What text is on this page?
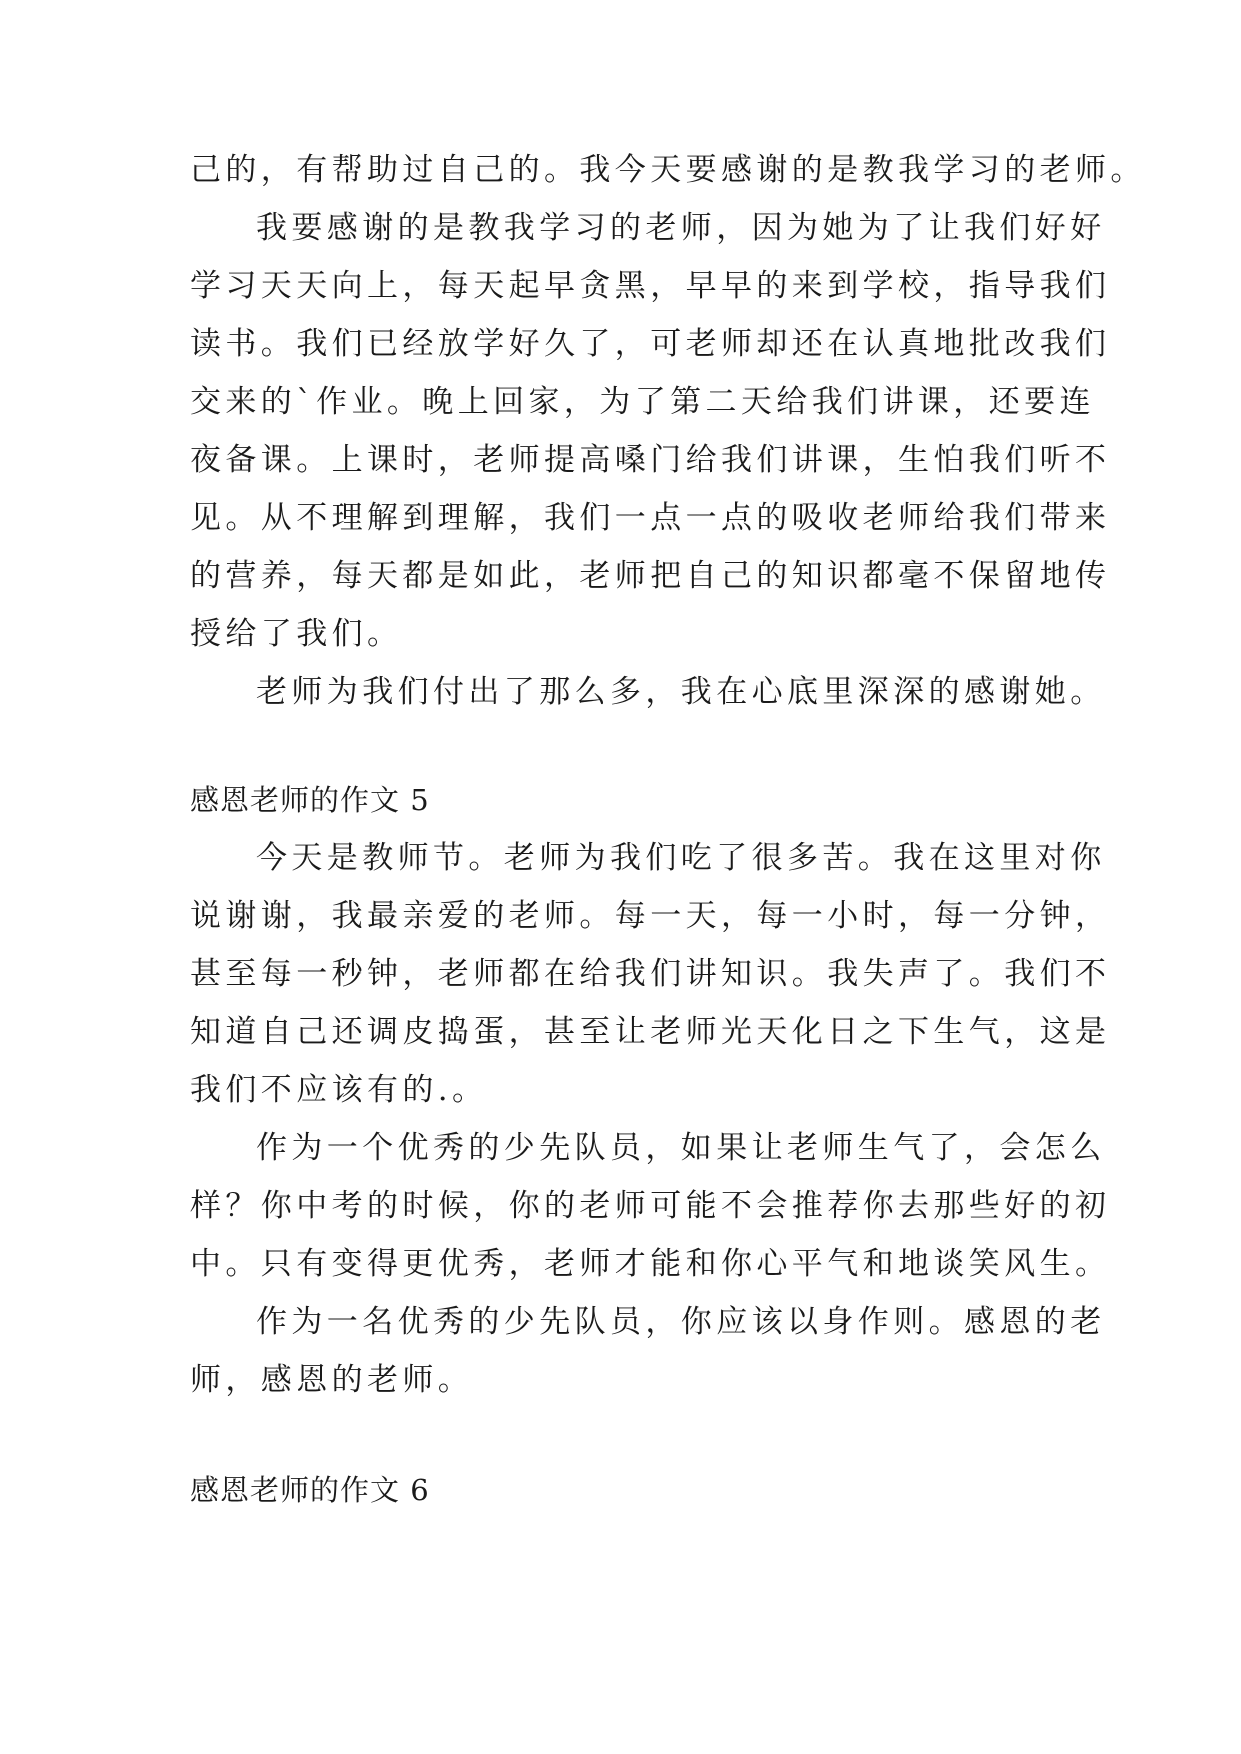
己的，有帮助过自己的。我今天要感谢的是教我学习的老师。
我要感谢的是教我学习的老师，因为她为了让我们好好
学习天天向上，每天起早贪黑，早早的来到学校，指导我们
读书。我们已经放学好久了，可老师却还在认真地批改我们
交来的`作业。晚上回家，为了第二天给我们讲课，还要连
夜备课。上课时，老师提高嗓门给我们讲课，生怕我们听不
见。从不理解到理解，我们一点一点的吸收老师给我们带来
的营养，每天都是如此，老师把自己的知识都毫不保留地传
授给了我们。
老师为我们付出了那么多，我在心底里深深的感谢她。
感恩老师的作文 5
今天是教师节。老师为我们吃了很多苦。我在这里对你
说谢谢，我最亲爱的老师。每一天，每一小时，每一分钟，
甚至每一秒钟，老师都在给我们讲知识。我失声了。我们不
知道自己还调皮捣蛋，甚至让老师光天化日之下生气，这是
我们不应该有的.。
作为一个优秀的少先队员，如果让老师生气了，会怎么
样？你中考的时候，你的老师可能不会推荐你去那些好的初
中。只有变得更优秀，老师才能和你心平气和地谈笑风生。
作为一名优秀的少先队员，你应该以身作则。感恩的老
师，感恩的老师。
感恩老师的作文 6
